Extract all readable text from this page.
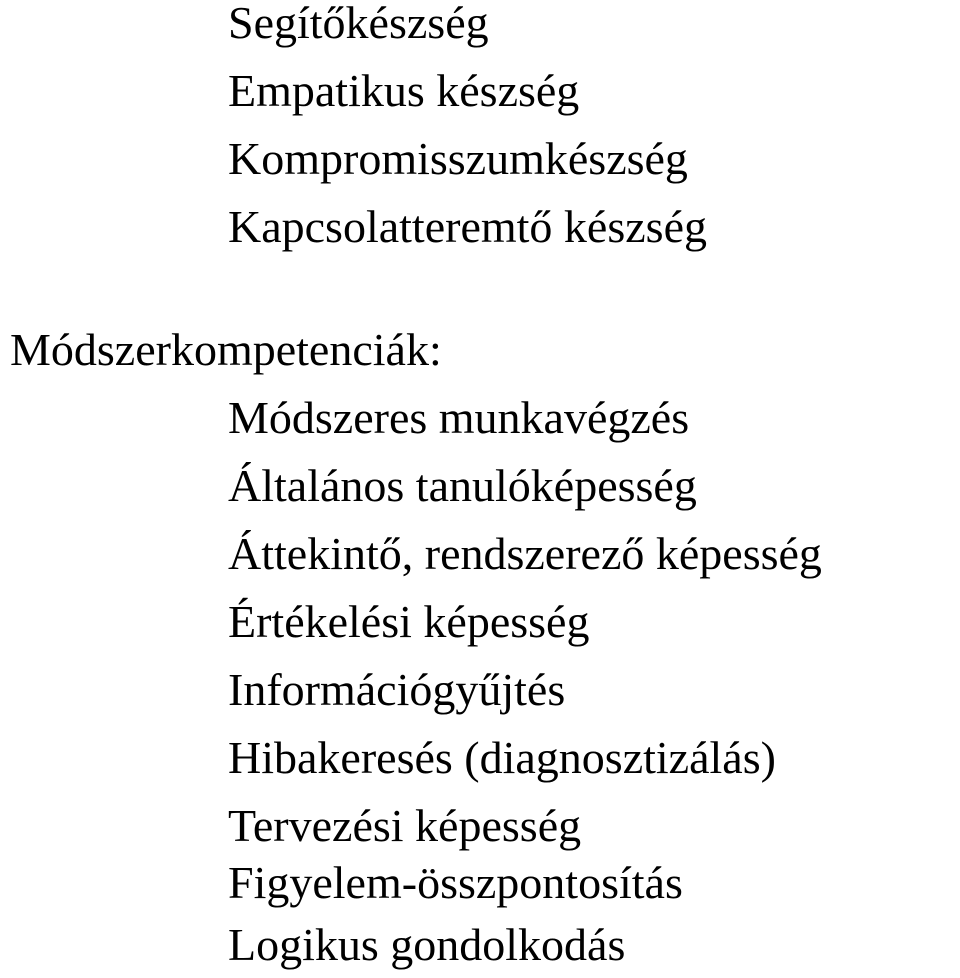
Segítőkészség
Empatikus készség
Kompromisszumkészség
Kapcsolatteremtő készség
Módszerkompetenciák:
Módszeres munkavégzés
Általános tanulóképesség
Áttekintő, rendszerező képesség
Értékelési képesség
Információgyűjtés
Hibakeresés (diagnosztizálás)
Tervezési képesség
Figyelem-összpontosítás
Logikus gondolkodás
